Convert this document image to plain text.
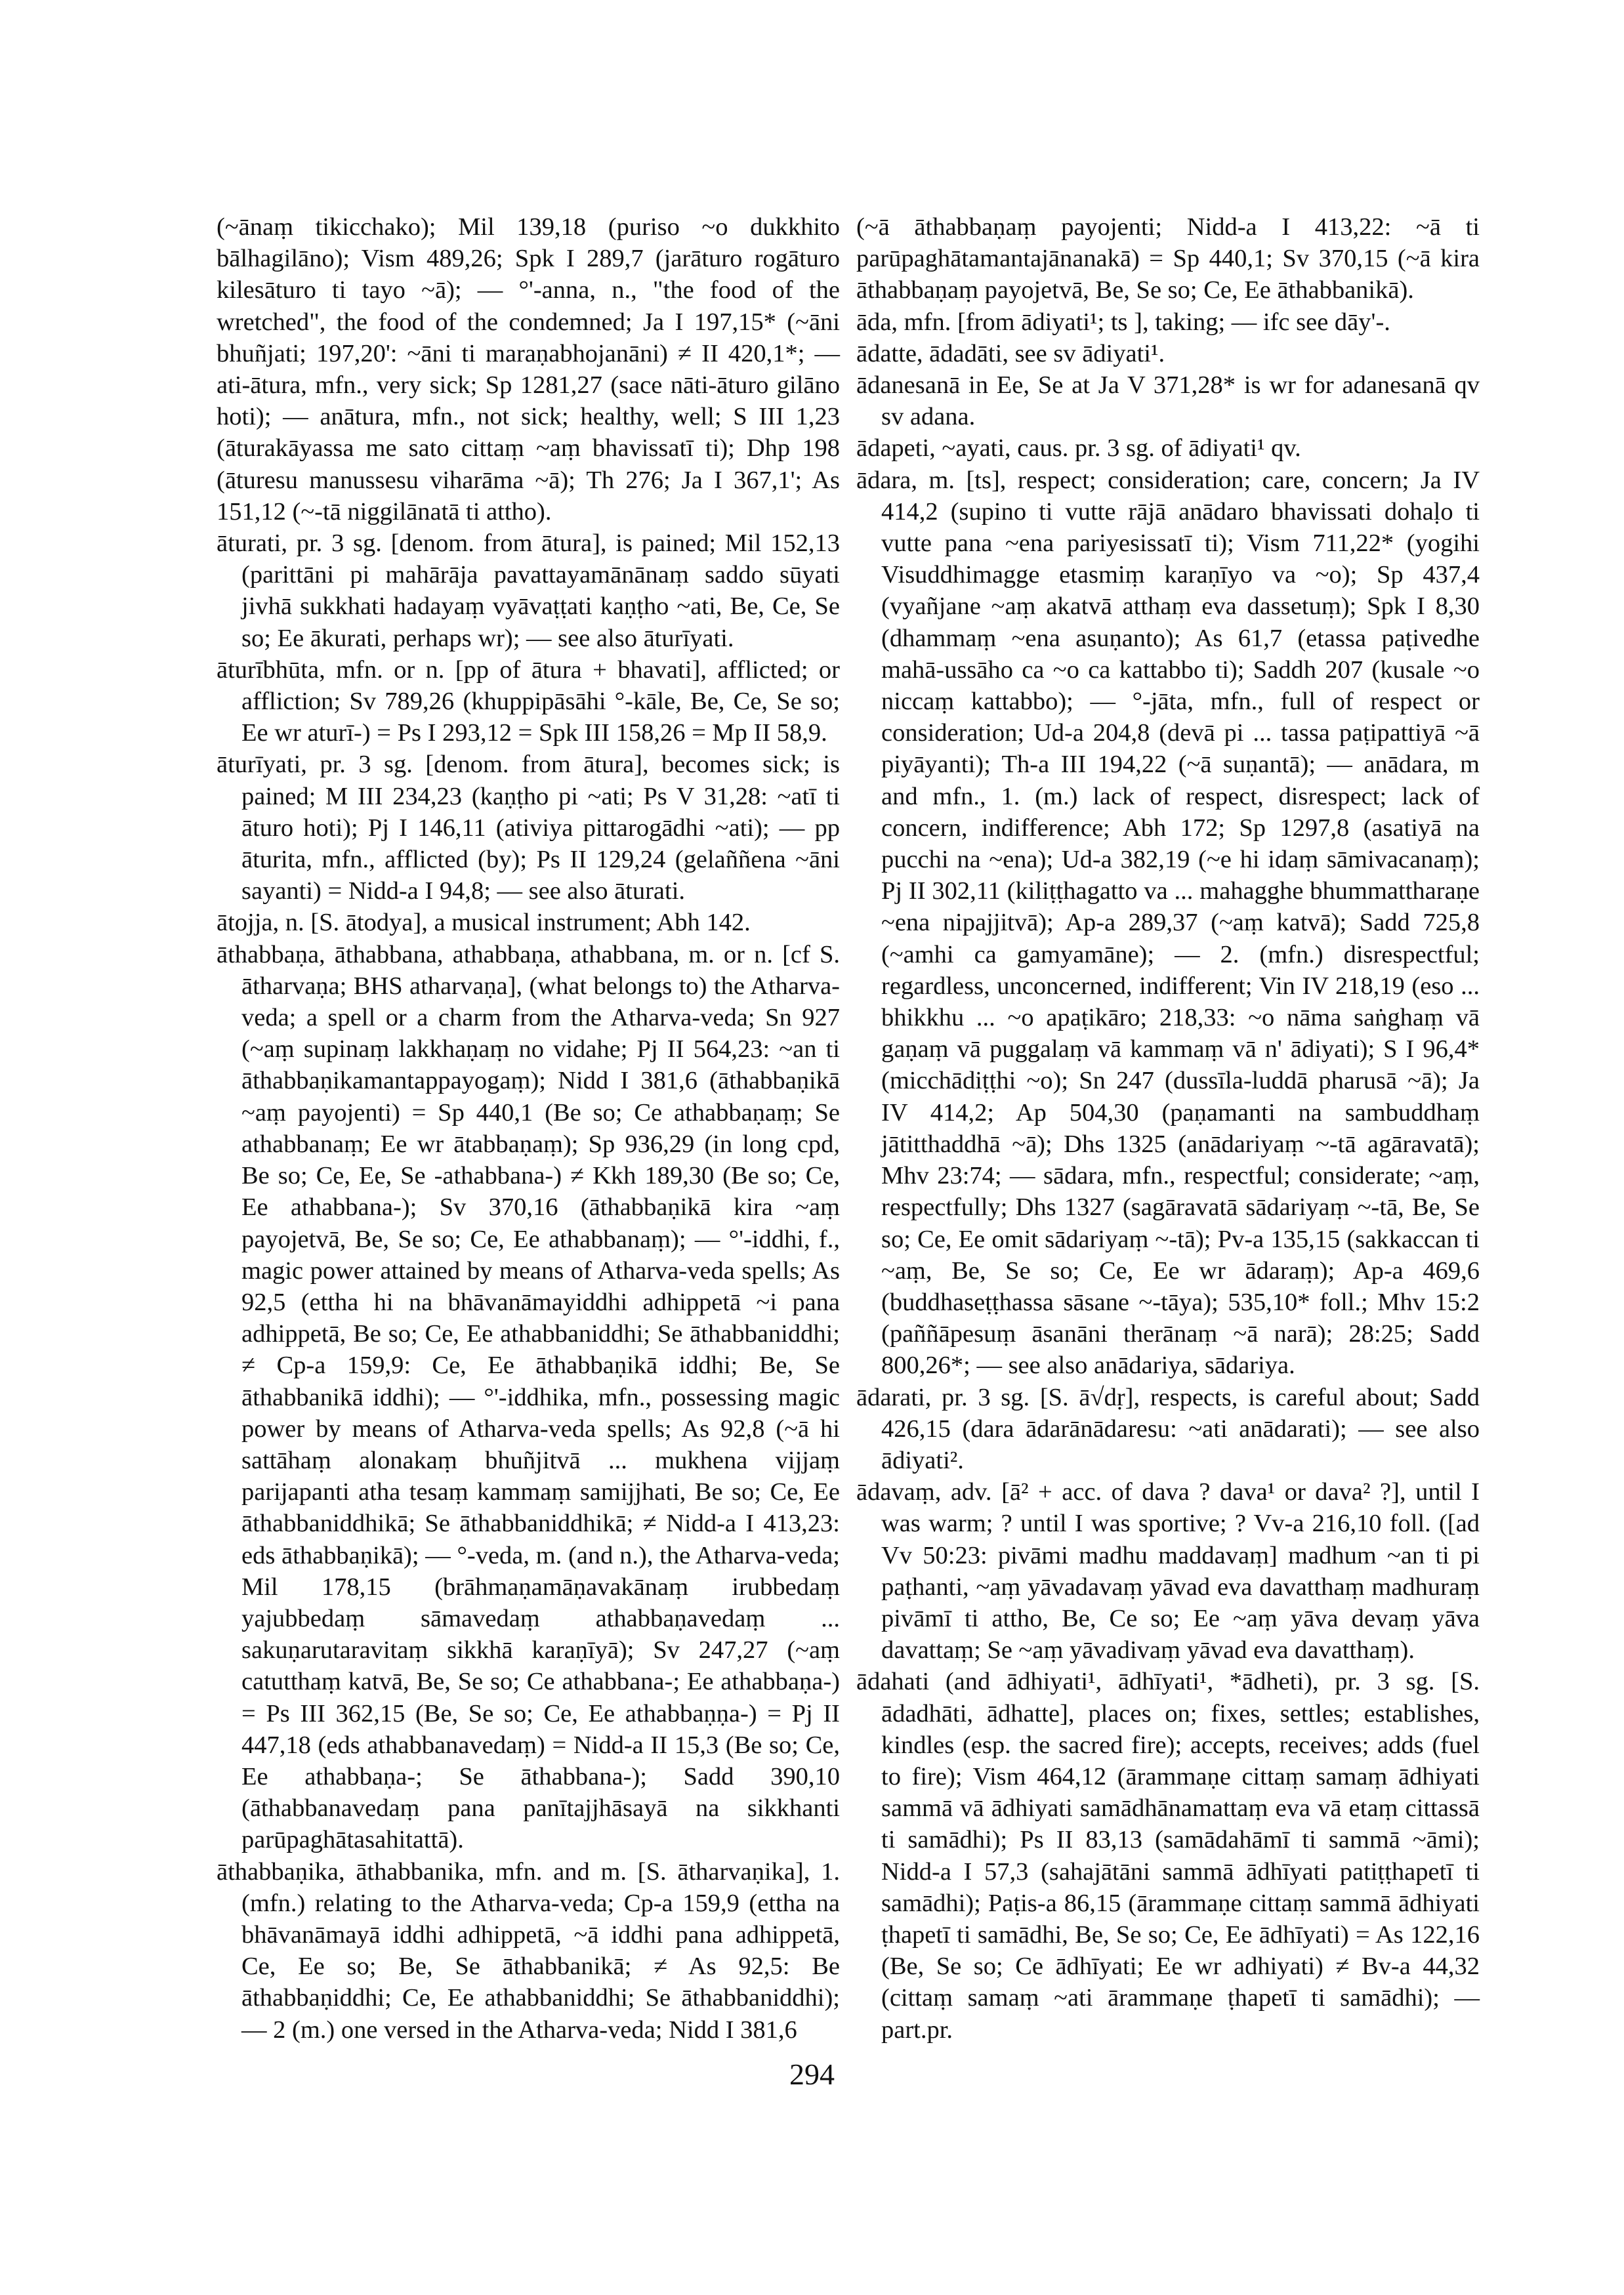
(~ānaṃ tikicchako); Mil 139,18 (puriso ~o dukkhito bālhagilāno); Vism 489,26; Spk I 289,7 (jarāturo rogāturo kilesāturo ti tayo ~ā); — °'-anna, n., "the food of the wretched", the food of the condemned; Ja I 197,15* (~āni bhuñjati; 197,20': ~āni ti maraṇabhojanāni) ≠ II 420,1*; — ati-ātura, mfn., very sick; Sp 1281,27 (sace nāti-āturo gilāno hoti); — anātura, mfn., not sick; healthy, well; S III 1,23 (āturakāyassa me sato cittaṃ ~aṃ bhavissatī ti); Dhp 198 (āturesu manussesu viharāma ~ā); Th 276; Ja I 367,1'; As 151,12 (~-tā niggilānatā ti attho).

āturati, pr. 3 sg. [denom. from ātura], is pained; Mil 152,13 (parittāni pi mahārāja pavattayamānānaṃ saddo sūyati jivhā sukkhati hadayaṃ vyāvaṭṭati kaṇṭho ~ati, Be, Ce, Se so; Ee ākurati, perhaps wr); — see also āturīyati.

āturībhūta, mfn. or n. [pp of ātura + bhavati], afflicted; or affliction; Sv 789,26 (khuppipāsāhi °-kāle, Be, Ce, Se so; Ee wr aturī-) = Ps I 293,12 = Spk III 158,26 = Mp II 58,9.

āturīyati, pr. 3 sg. [denom. from ātura], becomes sick; is pained; M III 234,23 (kaṇṭho pi ~ati; Ps V 31,28: ~atī ti āturo hoti); Pj I 146,11 (ativiya pittarogādhi ~ati); — pp āturita, mfn., afflicted (by); Ps II 129,24 (gelaññena ~āni sayanti) = Nidd-a I 94,8; — see also āturati.

ātojja, n. [S. ātodya], a musical instrument; Abh 142.

āthabbaṇa, āthabbana, athabbaṇa, athabbana, m. or n. [cf S. ātharvaṇa; BHS atharvaṇa], (what belongs to) the Atharva-veda; a spell or a charm from the Atharva-veda; Sn 927 (~aṃ supinaṃ lakkhaṇaṃ no vidahe; Pj II 564,23: ~an ti āthabbaṇikamantappayogaṃ); Nidd I 381,6 (āthabbaṇikā ~aṃ payojenti) = Sp 440,1 (Be so; Ce athabbaṇaṃ; Se athabbanaṃ; Ee wr ātabbaṇaṃ); Sp 936,29 (in long cpd, Be so; Ce, Ee, Se -athabbana-) ≠ Kkh 189,30 (Be so; Ce, Ee athabbana-); Sv 370,16 (āthabbaṇikā kira ~aṃ payojetvā, Be, Se so; Ce, Ee athabbanaṃ); — °'-iddhi, f., magic power attained by means of Atharva-veda spells; As 92,5 (ettha hi na bhāvanāmayiddhi adhippetā ~i pana adhippetā, Be so; Ce, Ee athabbaniddhi; Se āthabbaniddhi; ≠ Cp-a 159,9: Ce, Ee āthabbaṇikā iddhi; Be, Se āthabbanikā iddhi); — °'-iddhika, mfn., possessing magic power by means of Atharva-veda spells; As 92,8 (~ā hi sattāhaṃ alonakaṃ bhuñjitvā ... mukhena vijjaṃ parijapanti atha tesaṃ kammaṃ samijjhati, Be so; Ce, Ee āthabbaniddhikā; Se āthabbaniddhikā; ≠ Nidd-a I 413,23: eds āthabbaṇikā); — °-veda, m. (and n.), the Atharva-veda; Mil 178,15 (brāhmaṇamāṇavakānaṃ irubbedaṃ yajubbedaṃ sāmavedaṃ athabbaṇavedaṃ ... sakuṇarutaravitaṃ sikkhā karaṇīyā); Sv 247,27 (~aṃ catutthaṃ katvā, Be, Se so; Ce athabbana-; Ee athabbaṇa-) = Ps III 362,15 (Be, Se so; Ce, Ee athabbaṇṇa-) = Pj II 447,18 (eds athabbanavedaṃ) = Nidd-a II 15,3 (Be so; Ce, Ee athabbaṇa-; Se āthabbana-); Sadd 390,10 (āthabbanavedaṃ pana panītajjhāsayā na sikkhanti parūpaghātasahitattā).

āthabbaṇika, āthabbanika, mfn. and m. [S. ātharvaṇika], 1. (mfn.) relating to the Atharva-veda; Cp-a 159,9 (ettha na bhāvanāmayā iddhi adhippetā, ~ā iddhi pana adhippetā, Ce, Ee so; Be, Se āthabbanikā; ≠ As 92,5: Be āthabbaṇiddhi; Ce, Ee athabbaniddhi; Se āthabbaniddhi); — 2 (m.) one versed in the Atharva-veda; Nidd I 381,6

(~ā āthabbaṇaṃ payojenti; Nidd-a I 413,22: ~ā ti parūpaghātamantajānanakā) = Sp 440,1; Sv 370,15 (~ā kira āthabbaṇaṃ payojetvā, Be, Se so; Ce, Ee āthabbanikā).

āda, mfn. [from ādiyati¹; ts ], taking; — ifc see dāy'-.

ādatte, ādadāti, see sv ādiyati¹.

ādanesanā in Ee, Se at Ja V 371,28* is wr for adanesanā qv sv adana.

ādapeti, ~ayati, caus. pr. 3 sg. of ādiyati¹ qv.

ādara, m. [ts], respect; consideration; care, concern; Ja IV 414,2 (supino ti vutte rājā anādaro bhavissati dohaḷo ti vutte pana ~ena pariyesissatī ti); Vism 711,22* (yogihi Visuddhimagge etasmiṃ karaṇīyo va ~o); Sp 437,4 (vyañjane ~aṃ akatvā atthaṃ eva dassetuṃ); Spk I 8,30 (dhammaṃ ~ena asuṇanto); As 61,7 (etassa paṭivedhe mahā-ussāho ca ~o ca kattabbo ti); Saddh 207 (kusale ~o niccaṃ kattabbo); — °-jāta, mfn., full of respect or consideration; Ud-a 204,8 (devā pi ... tassa paṭipattiyā ~ā piyāyanti); Th-a III 194,22 (~ā suṇantā); — anādara, m and mfn., 1. (m.) lack of respect, disrespect; lack of concern, indifference; Abh 172; Sp 1297,8 (asatiyā na pucchi na ~ena); Ud-a 382,19 (~e hi idaṃ sāmivacanaṃ); Pj II 302,11 (kiliṭṭhagatto va ... mahagghe bhummattharaṇe ~ena nipajjitvā); Ap-a 289,37 (~aṃ katvā); Sadd 725,8 (~amhi ca gamyamāne); — 2. (mfn.) disrespectful; regardless, unconcerned, indifferent; Vin IV 218,19 (eso ... bhikkhu ... ~o apaṭikāro; 218,33: ~o nāma saṅghaṃ vā gaṇaṃ vā puggalaṃ vā kammaṃ vā n' ādiyati); S I 96,4* (micchādiṭṭhi ~o); Sn 247 (dussīla-luddā pharusā ~ā); Ja IV 414,2; Ap 504,30 (paṇamanti na sambuddhaṃ jātitthaddhā ~ā); Dhs 1325 (anādariyaṃ ~-tā agāravatā); Mhv 23:74; — sādara, mfn., respectful; considerate; ~aṃ, respectfully; Dhs 1327 (sagāravatā sādariyaṃ ~-tā, Be, Se so; Ce, Ee omit sādariyaṃ ~-tā); Pv-a 135,15 (sakkaccan ti ~aṃ, Be, Se so; Ce, Ee wr ādaraṃ); Ap-a 469,6 (buddhaseṭṭhassa sāsane ~-tāya); 535,10* foll.; Mhv 15:2 (paññāpesuṃ āsanāni therānaṃ ~ā narā); 28:25; Sadd 800,26*; — see also anādariya, sādariya.

ādarati, pr. 3 sg. [S. ā√dṛ], respects, is careful about; Sadd 426,15 (dara ādarānādaresu: ~ati anādarati); — see also ādiyati².

ādavaṃ, adv. [ā² + acc. of dava ? dava¹ or dava² ?], until I was warm; ? until I was sportive; ? Vv-a 216,10 foll. ([ad Vv 50:23: pivāmi madhu maddavaṃ] madhum ~an ti pi paṭhanti, ~aṃ yāvadavaṃ yāvad eva davatthaṃ madhuraṃ pivāmī ti attho, Be, Ce so; Ee ~aṃ yāva devaṃ yāva davattaṃ; Se ~aṃ yāvadivaṃ yāvad eva davatthaṃ).

ādahati (and ādhiyati¹, ādhīyati¹, *ādheti), pr. 3 sg. [S. ādadhāti, ādhatte], places on; fixes, settles; establishes, kindles (esp. the sacred fire); accepts, receives; adds (fuel to fire); Vism 464,12 (ārammaṇe cittaṃ samaṃ ādhiyati sammā vā ādhiyati samādhānamattaṃ eva vā etaṃ cittassā ti samādhi); Ps II 83,13 (samādahāmī ti sammā ~āmi); Nidd-a I 57,3 (sahajātāni sammā ādhīyati patiṭṭhapetī ti samādhi); Paṭis-a 86,15 (ārammaṇe cittaṃ sammā ādhiyati ṭhapetī ti samādhi, Be, Se so; Ce, Ee ādhīyati) = As 122,16 (Be, Se so; Ce ādhīyati; Ee wr adhiyati) ≠ Bv-a 44,32 (cittaṃ samaṃ ~ati ārammaṇe ṭhapetī ti samādhi); — part.pr.

294
